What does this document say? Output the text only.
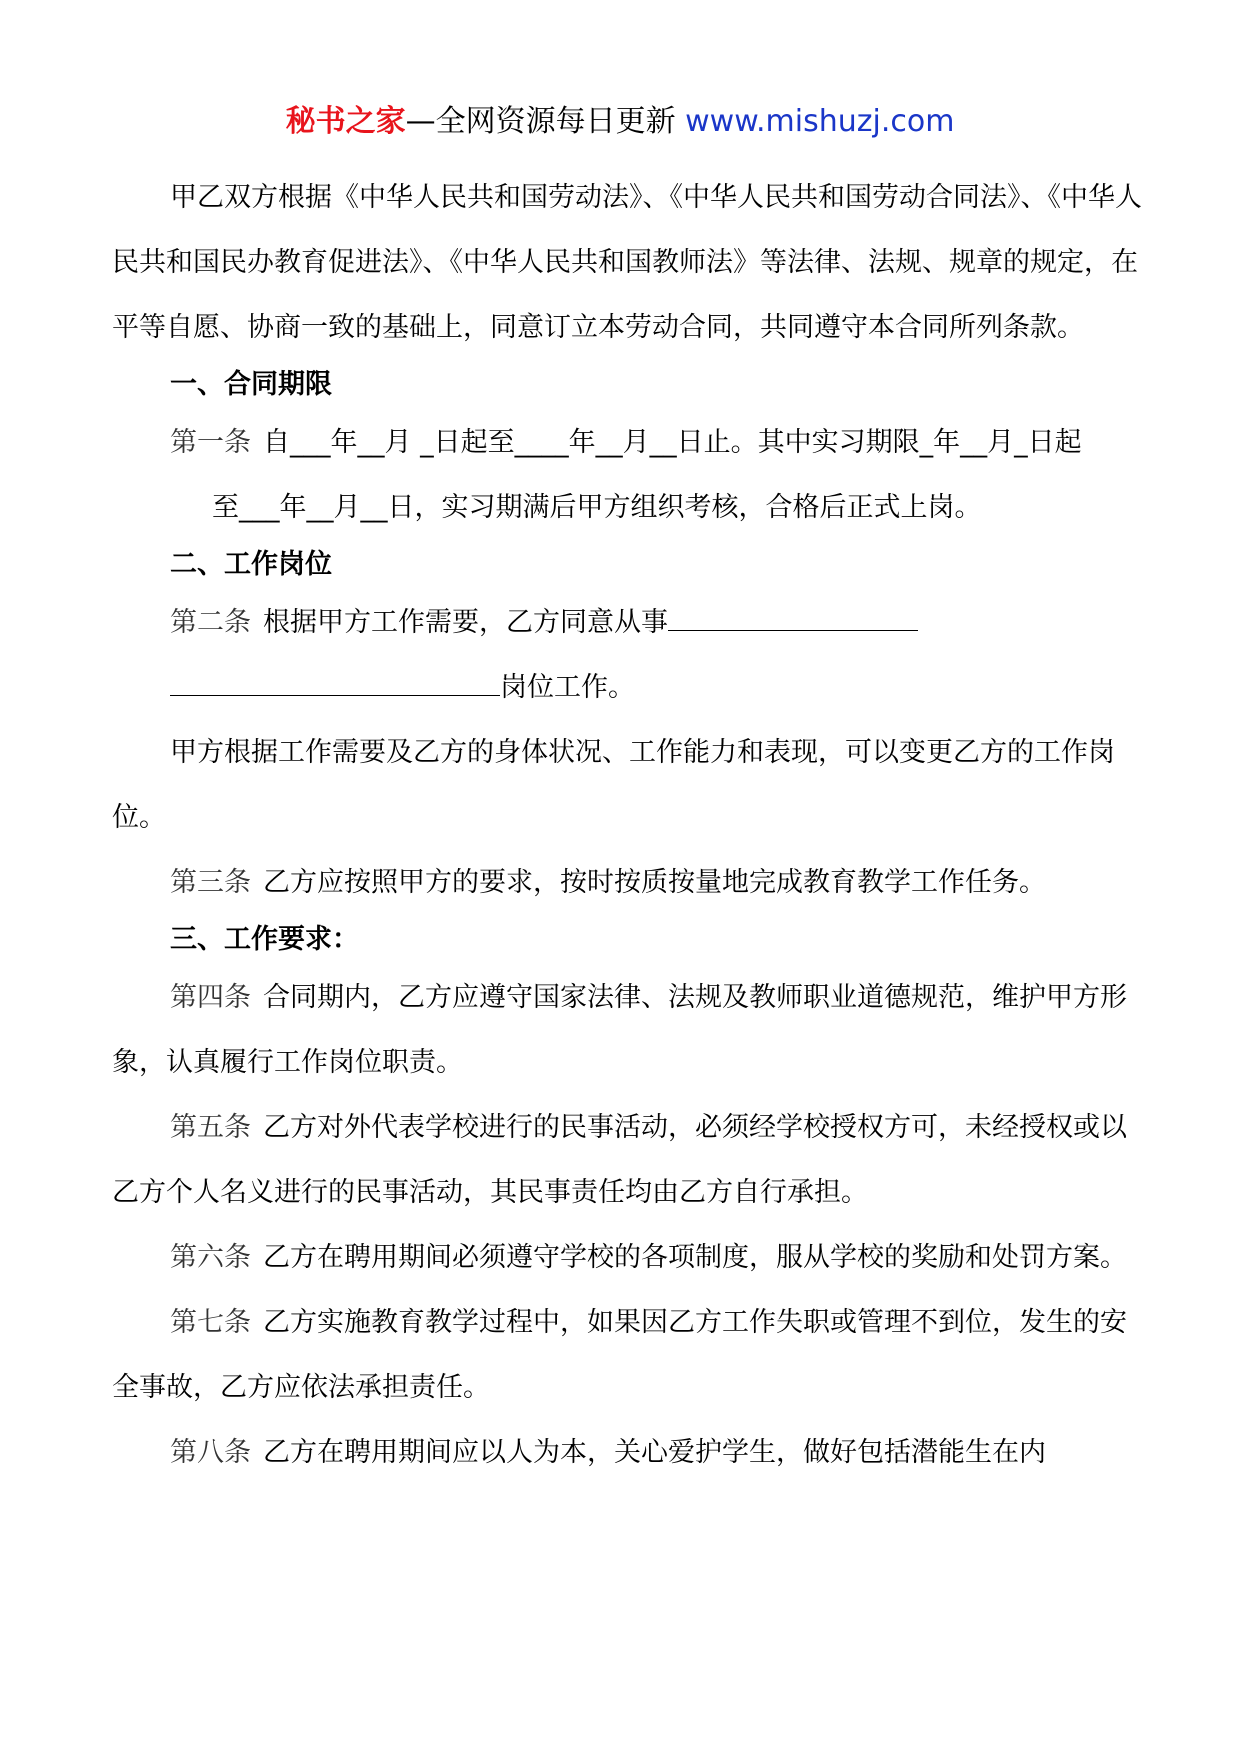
秘书之家—全网资源每日更新 www.mishuzj.com

甲乙双方根据《中华人民共和国劳动法》、《中华人民共和国劳动合同法》、《中华人民共和国民办教育促进法》、《中华人民共和国教师法》等法律、法规、规章的规定，在平等自愿、协商一致的基础上，同意订立本劳动合同，共同遵守本合同所列条款。

一、合同期限

第一条 自___年__月 _日起至____年__月__日止。其中实习期限_年__月_日起

至___年__月__日，实习期满后甲方组织考核，合格后正式上岗。

二、工作岗位

第二条 根据甲方工作需要，乙方同意从事

岗位工作。

甲方根据工作需要及乙方的身体状况、工作能力和表现，可以变更乙方的工作岗位。

第三条 乙方应按照甲方的要求，按时按质按量地完成教育教学工作任务。

三、工作要求：

第四条 合同期内，乙方应遵守国家法律、法规及教师职业道德规范，维护甲方形象，认真履行工作岗位职责。

第五条 乙方对外代表学校进行的民事活动，必须经学校授权方可，未经授权或以乙方个人名义进行的民事活动，其民事责任均由乙方自行承担。

第六条 乙方在聘用期间必须遵守学校的各项制度，服从学校的奖励和处罚方案。

第七条 乙方实施教育教学过程中，如果因乙方工作失职或管理不到位，发生的安全事故，乙方应依法承担责任。

第八条 乙方在聘用期间应以人为本，关心爱护学生，做好包括潜能生在内
